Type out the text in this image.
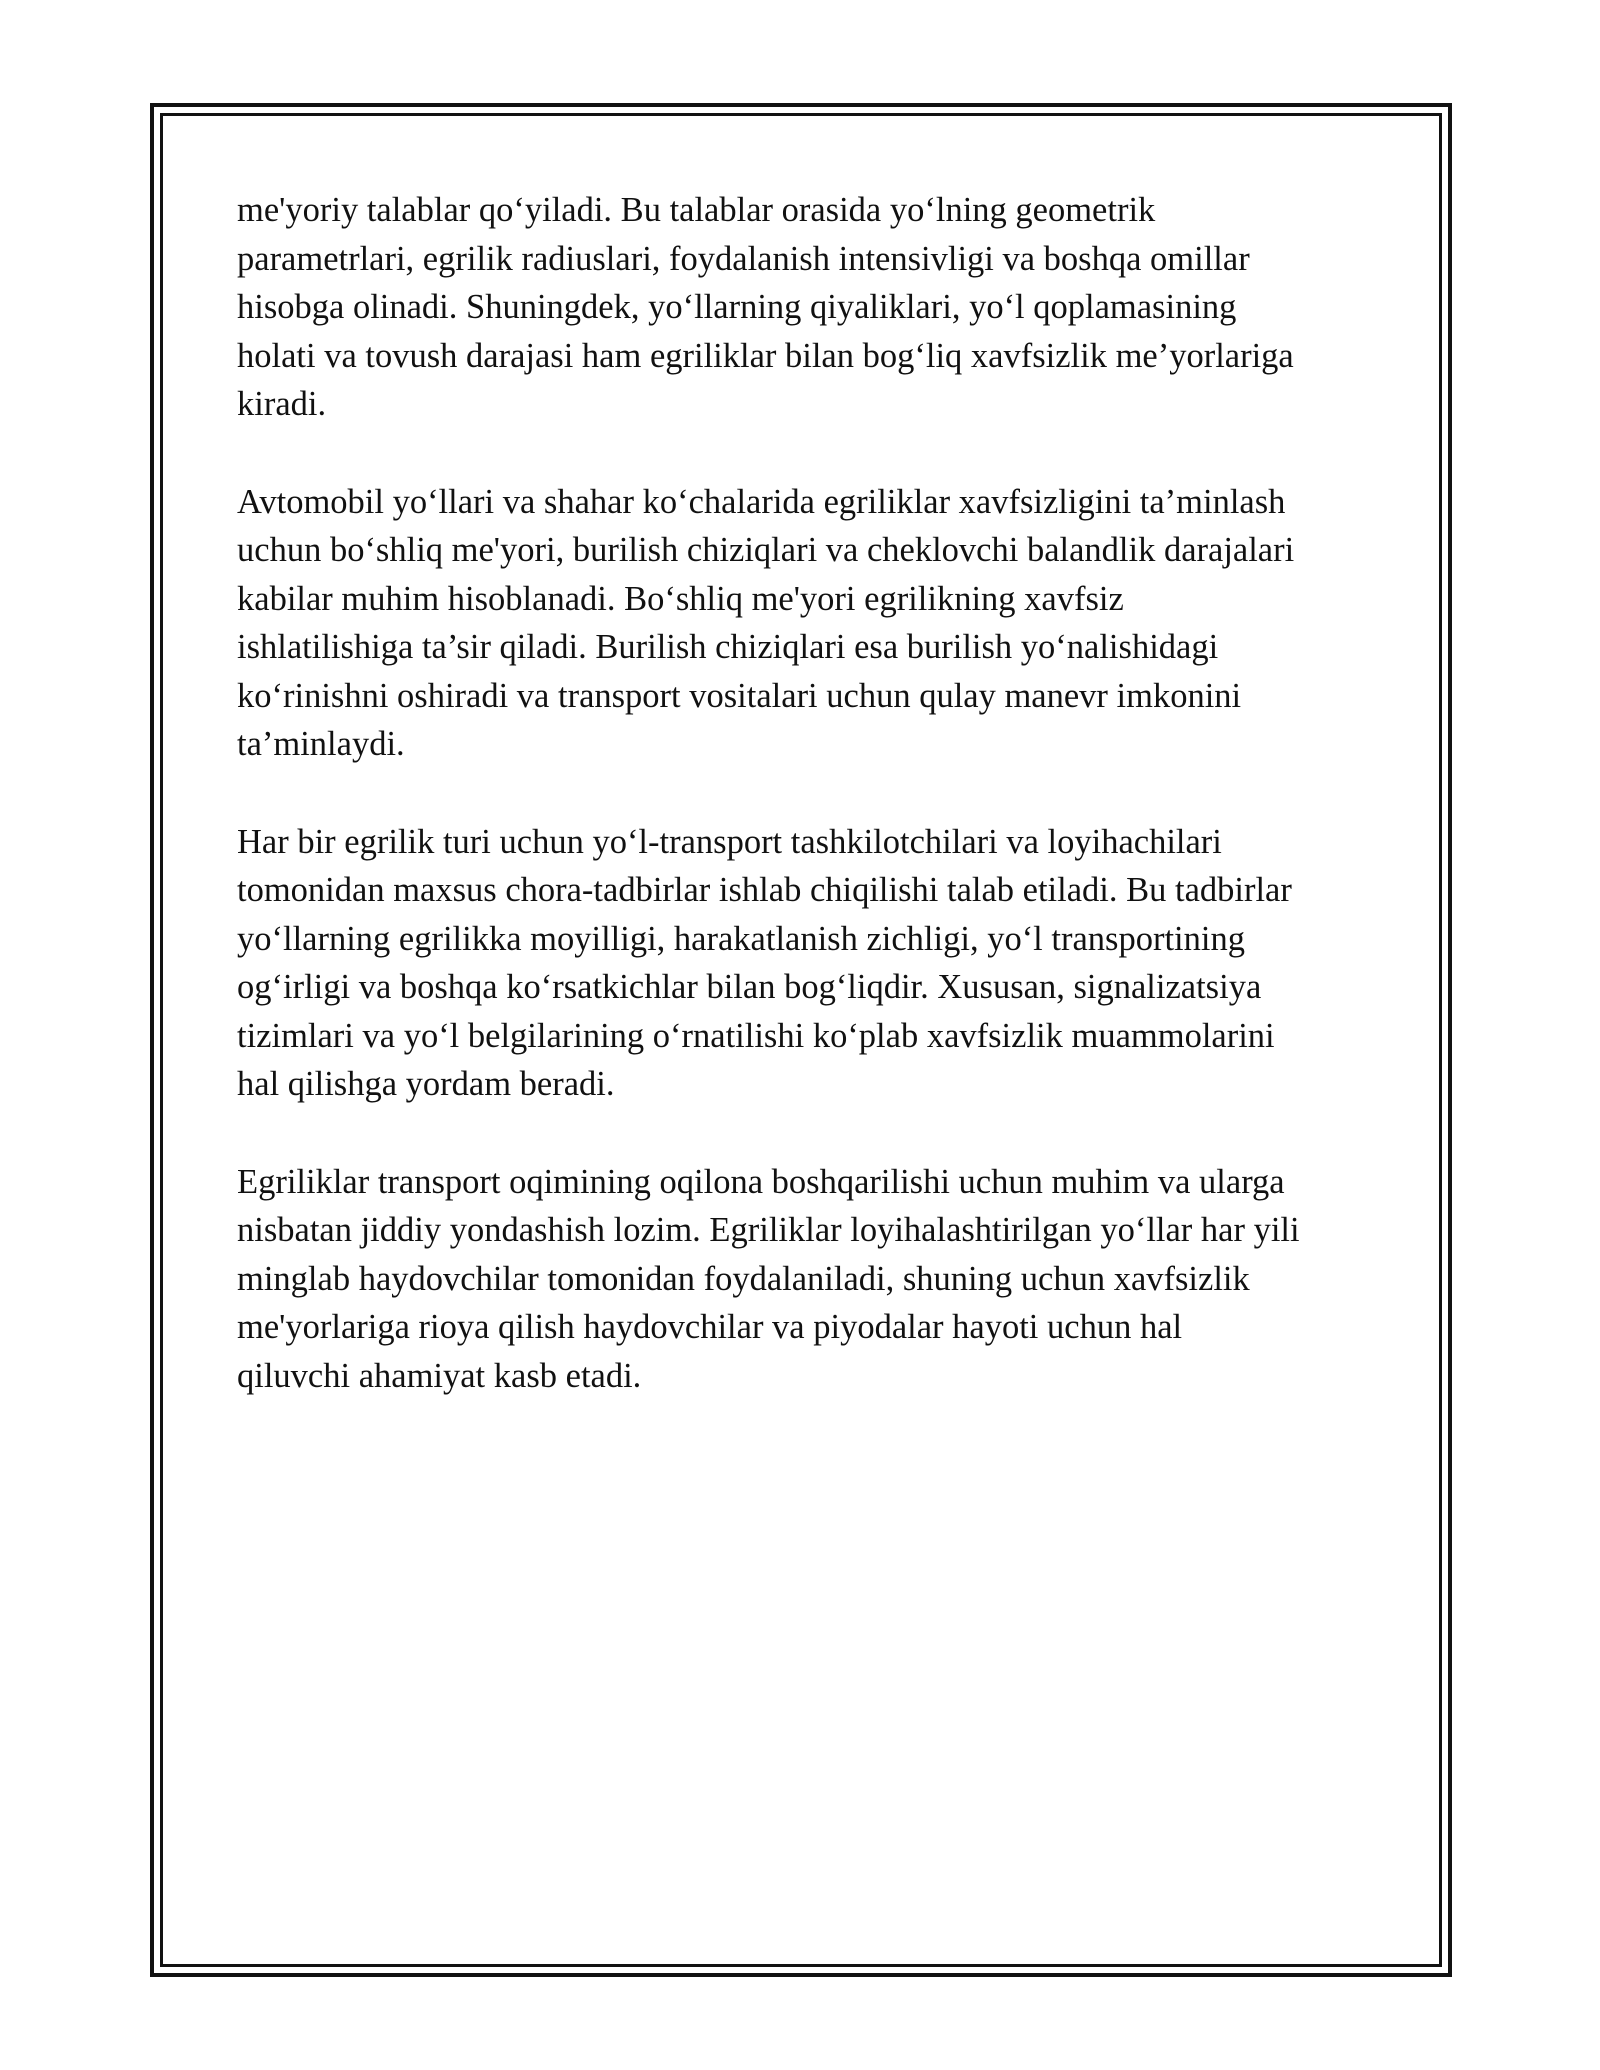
me'yoriy talablar qo‘yiladi. Bu talablar orasida yo‘lning geometrik
parametrlari, egrilik radiuslari, foydalanish intensivligi va boshqa omillar
hisobga olinadi. Shuningdek, yo‘llarning qiyaliklari, yo‘l qoplamasining
holati va tovush darajasi ham egriliklar bilan bog‘liq xavfsizlik me’yorlariga
kiradi.

Avtomobil yo‘llari va shahar ko‘chalarida egriliklar xavfsizligini ta’minlash
uchun bo‘shliq me'yori, burilish chiziqlari va cheklovchi balandlik darajalari
kabilar muhim hisoblanadi. Bo‘shliq me'yori egrilikning xavfsiz
ishlatilishiga ta’sir qiladi. Burilish chiziqlari esa burilish yo‘nalishidagi
ko‘rinishni oshiradi va transport vositalari uchun qulay manevr imkonini
ta’minlaydi.

Har bir egrilik turi uchun yo‘l-transport tashkilotchilari va loyihachilari
tomonidan maxsus chora-tadbirlar ishlab chiqilishi talab etiladi. Bu tadbirlar
yo‘llarning egrilikka moyilligi, harakatlanish zichligi, yo‘l transportining
og‘irligi va boshqa ko‘rsatkichlar bilan bog‘liqdir. Xususan, signalizatsiya
tizimlari va yo‘l belgilarining o‘rnatilishi ko‘plab xavfsizlik muammolarini
hal qilishga yordam beradi.

Egriliklar transport oqimining oqilona boshqarilishi uchun muhim va ularga
nisbatan jiddiy yondashish lozim. Egriliklar loyihalashtirilgan yo‘llar har yili
minglab haydovchilar tomonidan foydalaniladi, shuning uchun xavfsizlik
me'yorlariga rioya qilish haydovchilar va piyodalar hayoti uchun hal
qiluvchi ahamiyat kasb etadi.
